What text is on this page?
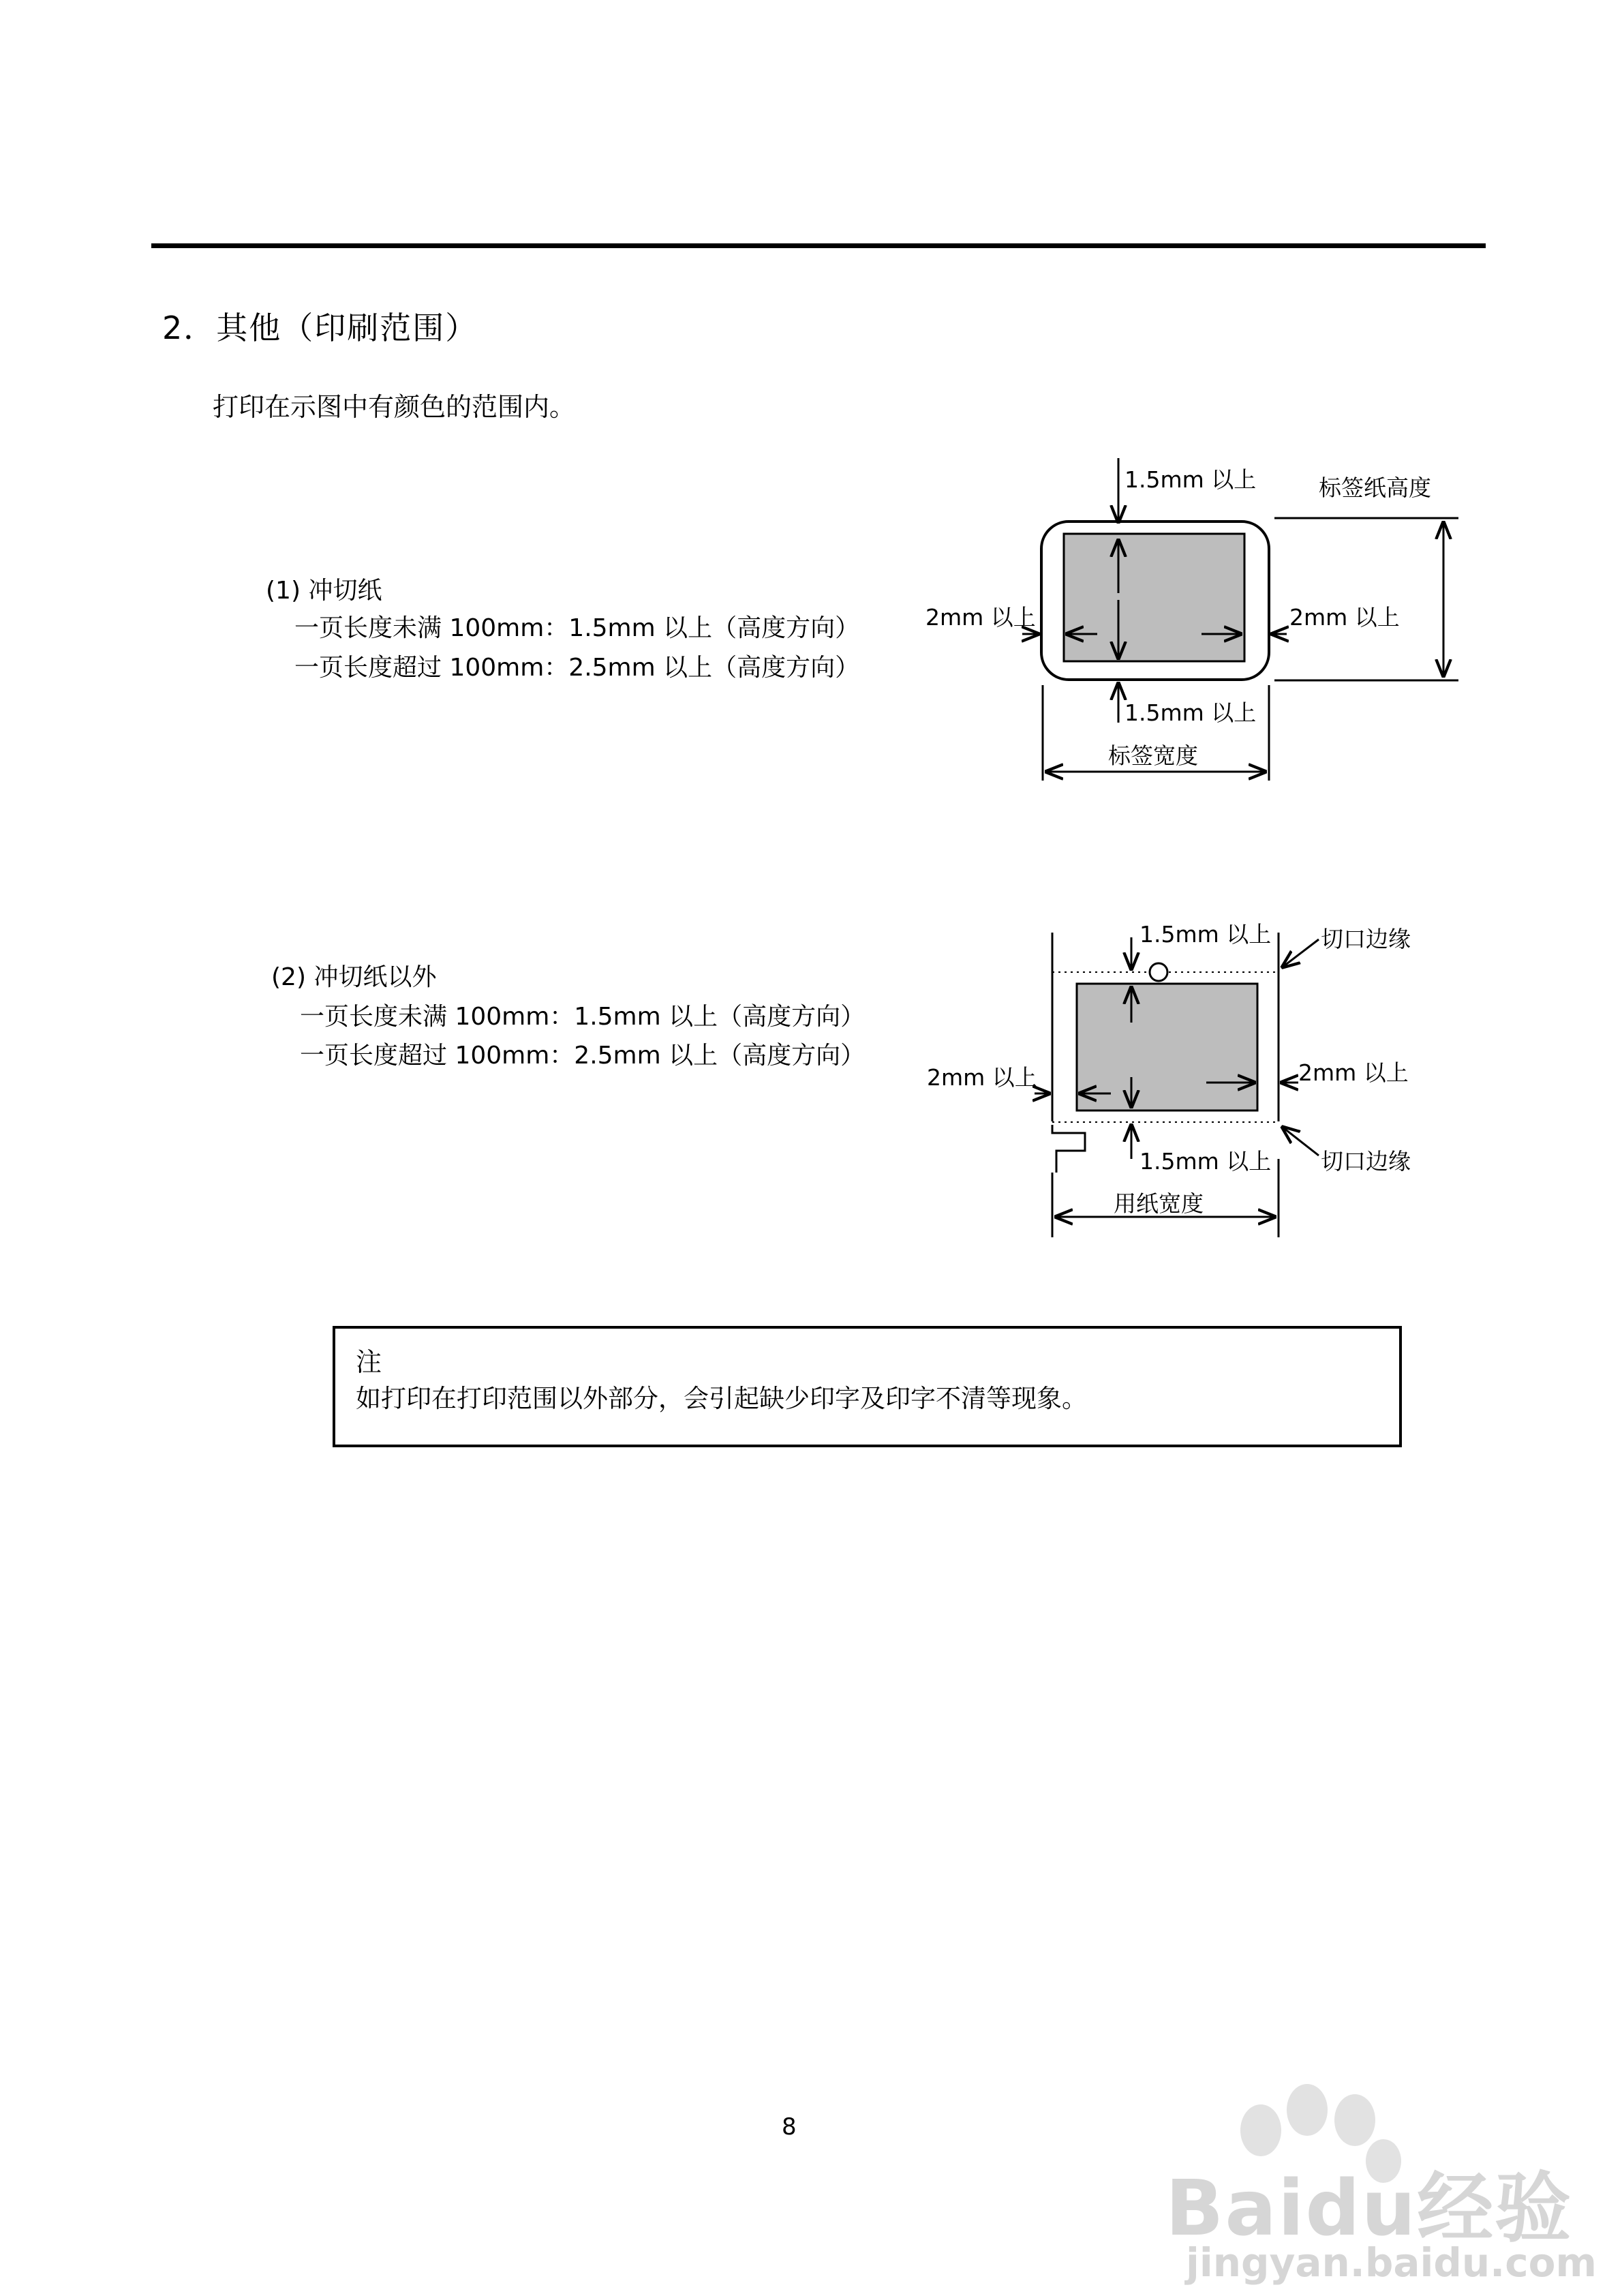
2．其他（印刷范围）
打印在示图中有颜色的范围内。
(1) 冲切纸
一页长度未满 100mm：1.5mm 以上（高度方向）
一页长度超过 100mm：2.5mm 以上（高度方向）
1.5mm 以上
1.5mm 以上
2mm 以上	2mm 以上
标签纸高度
标签宽度
(2) 冲切纸以外
一页长度未满 100mm：1.5mm 以上（高度方向）
一页长度超过 100mm：2.5mm 以上（高度方向）
1.5mm 以上
1.5mm 以上
2mm 以上	2mm 以上
切口边缘
切口边缘
用纸宽度
注
如打印在打印范围以外部分，会引起缺少印字及印字不清等现象。
8
Baidu经验
jingyan.baidu.com
